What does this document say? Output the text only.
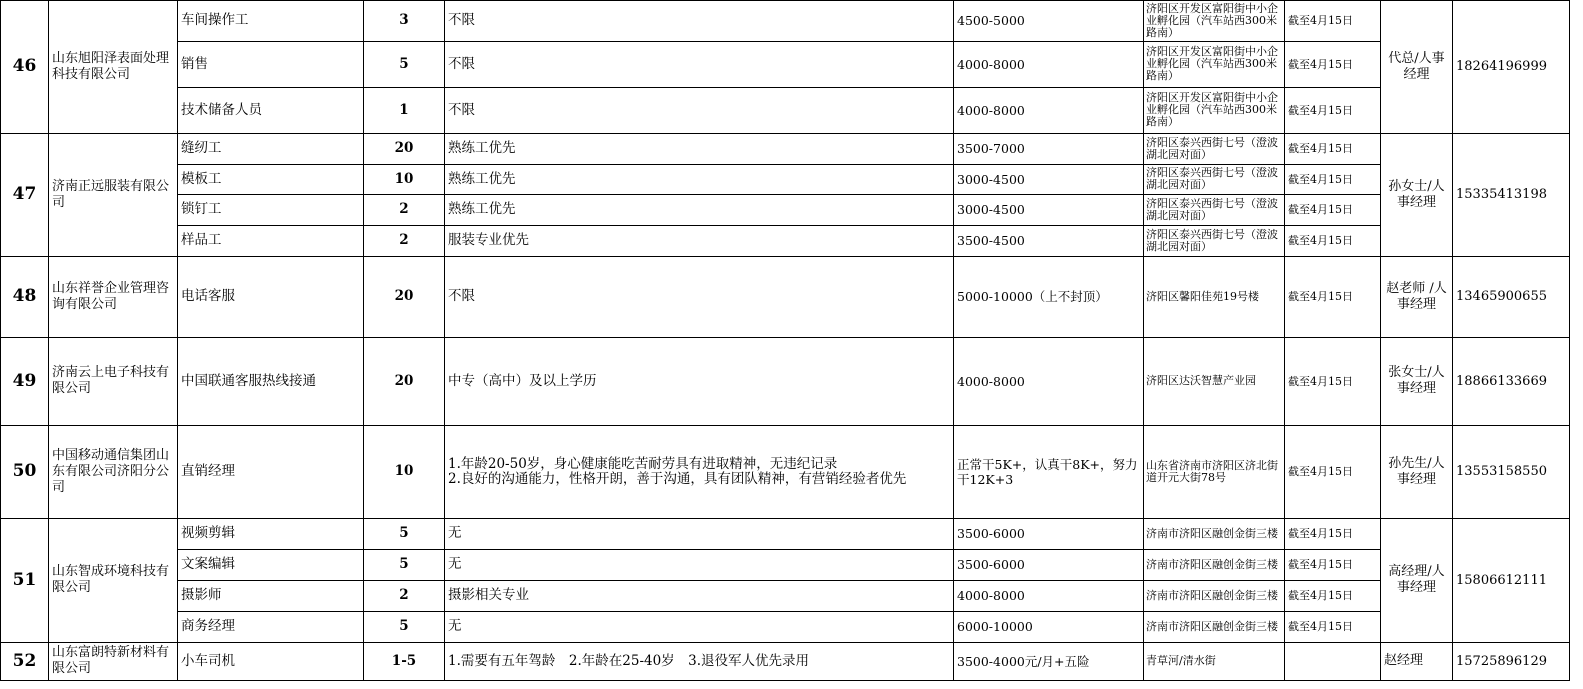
46	山东旭阳泽表面处理科技有限公司	车间操作工	3	不限	4500-5000	济阳区开发区富阳街中小企业孵化园（汽车站西300米路南）	截至4月15日	代总/人事经理	18264196999
		销售	5	不限	4000-8000	济阳区开发区富阳街中小企业孵化园（汽车站西300米路南）	截至4月15日		
		技术储备人员	1	不限	4000-8000	济阳区开发区富阳街中小企业孵化园（汽车站西300米路南）	截至4月15日		
47	济南正远服装有限公司	缝纫工	20	熟练工优先	3500-7000	济阳区泰兴西街七号（澄波湖北园对面）	截至4月15日	孙女士/人事经理	15335413198
		模板工	10	熟练工优先	3000-4500	济阳区泰兴西街七号（澄波湖北园对面）	截至4月15日		
		锁钉工	2	熟练工优先	3000-4500	济阳区泰兴西街七号（澄波湖北园对面）	截至4月15日		
		样品工	2	服装专业优先	3500-4500	济阳区泰兴西街七号（澄波湖北园对面）	截至4月15日		
48	山东祥誉企业管理咨询有限公司	电话客服	20	不限	5000-10000（上不封顶）	济阳区馨阳佳苑19号楼	截至4月15日	赵老师 /人事经理	13465900655
49	济南云上电子科技有限公司	中国联通客服热线接通	20	中专（高中）及以上学历	4000-8000	济阳区达沃智慧产业园	截至4月15日	张女士/人事经理	18866133669
50	中国移动通信集团山东有限公司济阳分公司	直销经理	10	1.年龄20-50岁，身心健康能吃苦耐劳具有进取精神，无违纪记录
2.良好的沟通能力，性格开朗，善于沟通，具有团队精神，有营销经验者优先	正常干5K+，认真干8K+，努力干12K+3	山东省济南市济阳区济北街道开元大街78号	截至4月15日	孙先生/人事经理	13553158550
51	山东智成环境科技有限公司	视频剪辑	5	无	3500-6000	济南市济阳区融创金街三楼	截至4月15日	高经理/人事经理	15806612111
		文案编辑	5	无	3500-6000	济南市济阳区融创金街三楼	截至4月15日		
		摄影师	2	摄影相关专业	4000-8000	济南市济阳区融创金街三楼	截至4月15日		
		商务经理	5	无	6000-10000	济南市济阳区融创金街三楼	截至4月15日		
52	山东富朗特新材料有限公司	小车司机	1-5	1.需要有五年驾龄　2.年龄在25-40岁　3.退役军人优先录用	3500-4000元/月+五险	青草河/清水街		赵经理	15725896129
